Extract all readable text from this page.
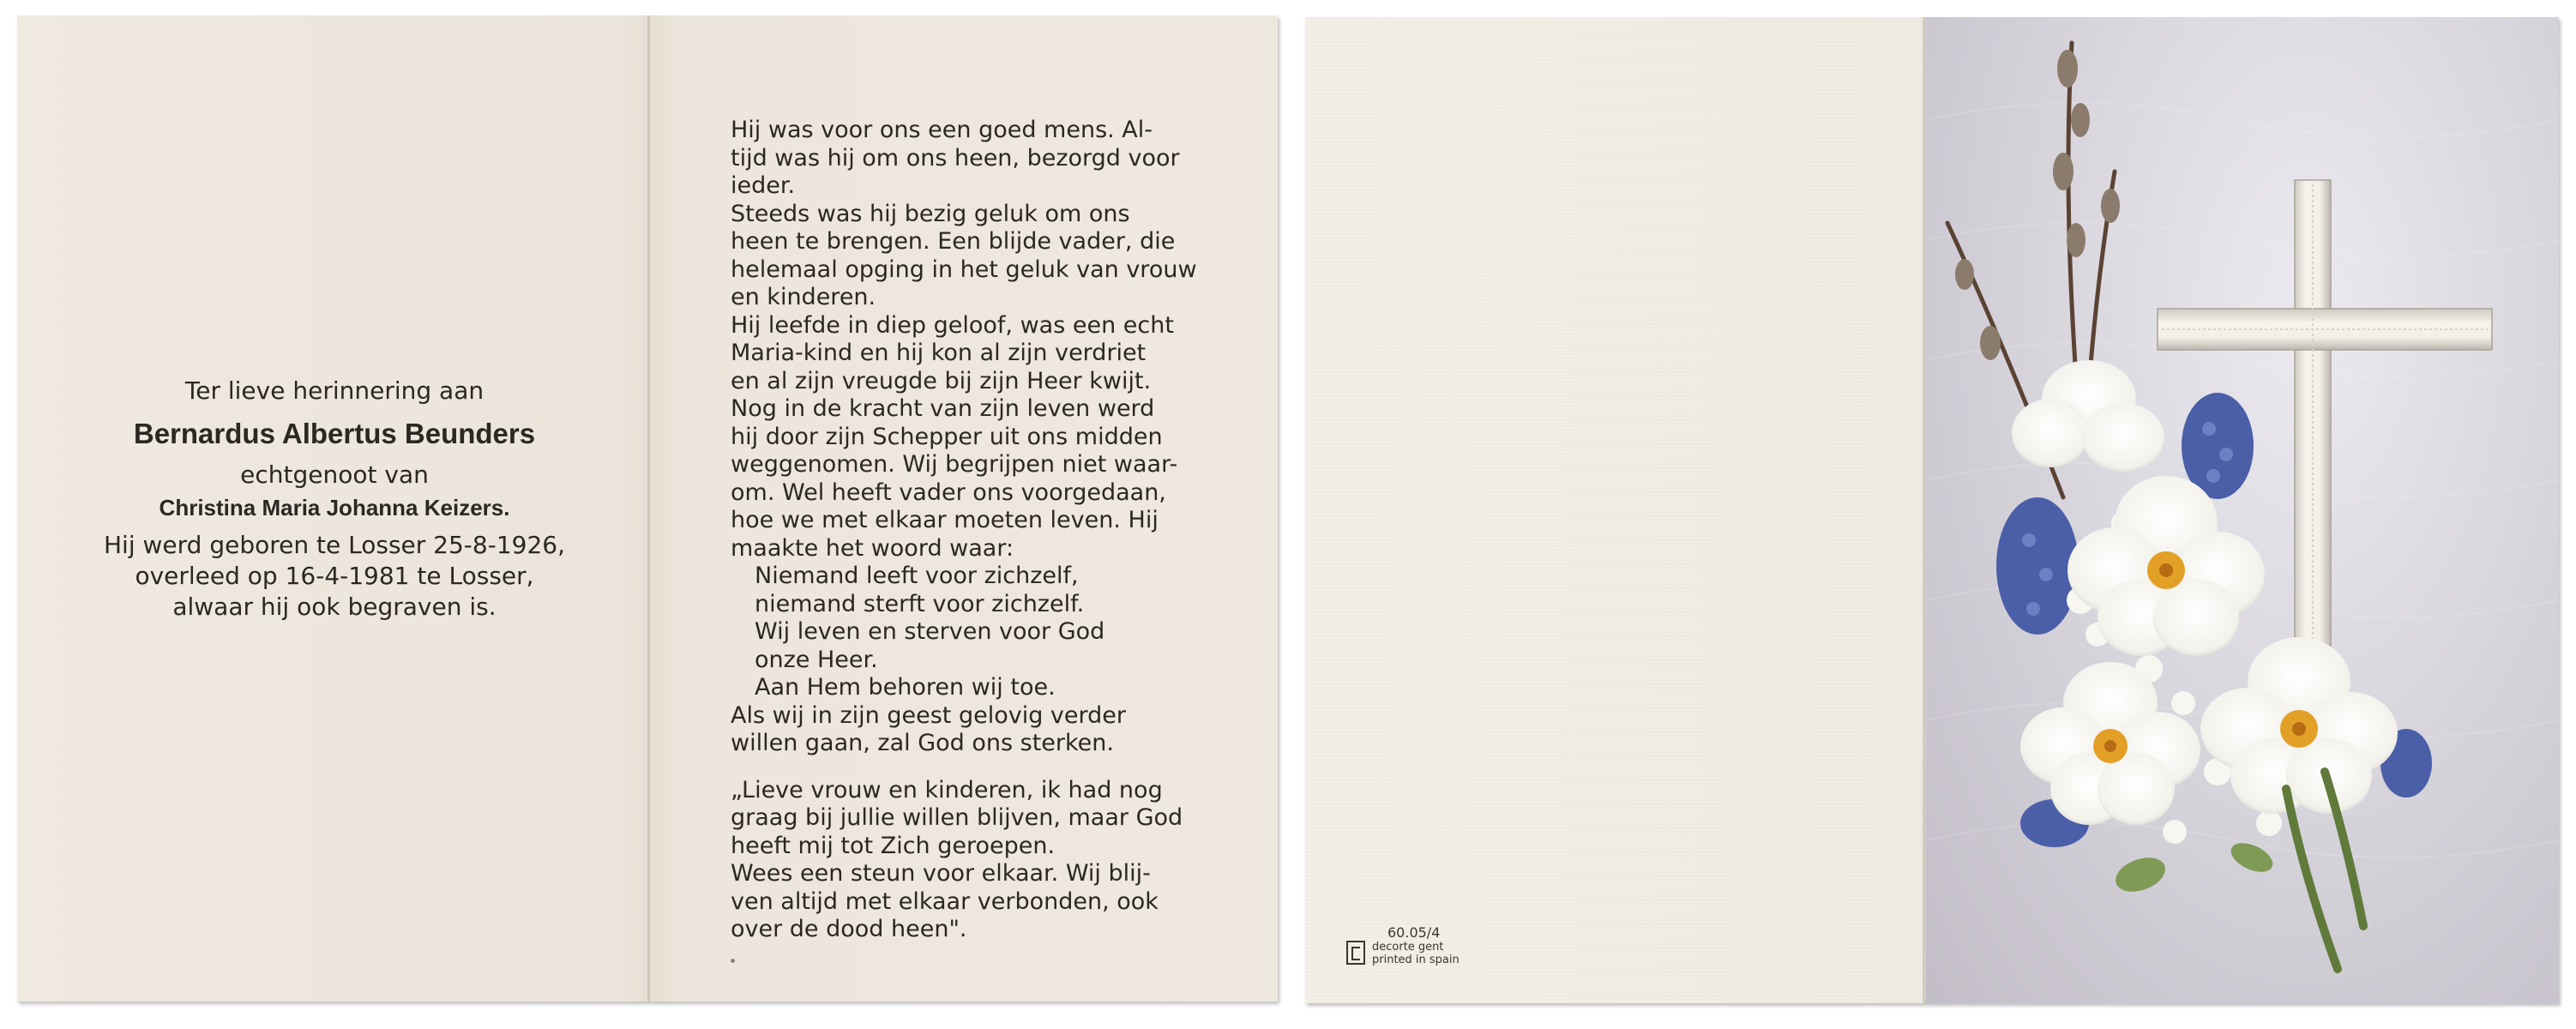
Ter lieve herinnering aan
Bernardus Albertus Beunders
echtgenoot van
Christina Maria Johanna Keizers.
Hij werd geboren te Losser 25-8-1926,
overleed op 16-4-1981 te Losser,
alwaar hij ook begraven is.
Hij was voor ons een goed mens. Al-
tijd was hij om ons heen, bezorgd voor
ieder.
Steeds was hij bezig geluk om ons
heen te brengen. Een blijde vader, die
helemaal opging in het geluk van vrouw
en kinderen.
Hij leefde in diep geloof, was een echt
Maria-kind en hij kon al zijn verdriet
en al zijn vreugde bij zijn Heer kwijt.
Nog in de kracht van zijn leven werd
hij door zijn Schepper uit ons midden
weggenomen. Wij begrijpen niet waar-
om. Wel heeft vader ons voorgedaan,
hoe we met elkaar moeten leven. Hij
maakte het woord waar:
Niemand leeft voor zichzelf,
niemand sterft voor zichzelf.
Wij leven en sterven voor God
onze Heer.
Aan Hem behoren wij toe.
Als wij in zijn geest gelovig verder
willen gaan, zal God ons sterken.
„Lieve vrouw en kinderen, ik had nog
graag bij jullie willen blijven, maar God
heeft mij tot Zich geroepen.
Wees een steun voor elkaar. Wij blij-
ven altijd met elkaar verbonden, ook
over de dood heen".	60.05/4
decorte gent
printed in spain
